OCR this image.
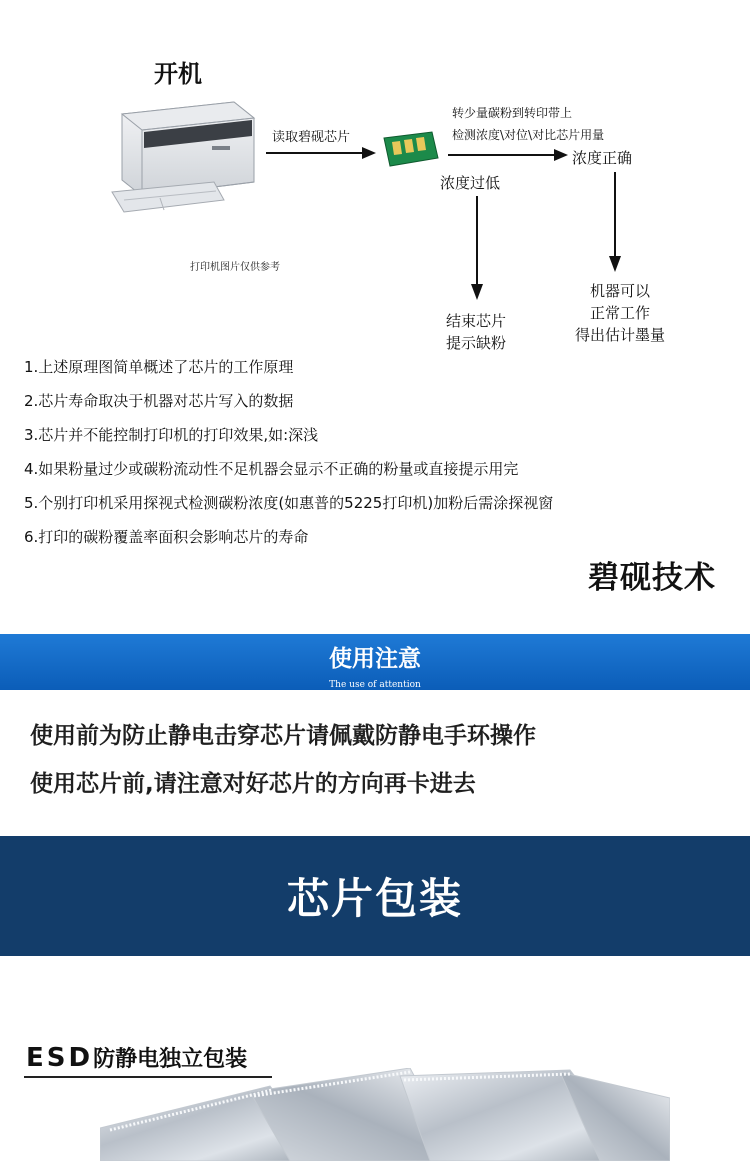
开机
打印机图片仅供参考
读取碧砚芯片
转少量碳粉到转印带上
检测浓度\对位\对比芯片用量
浓度正确
浓度过低
结束芯片
提示缺粉
机器可以
正常工作
得出估计墨量
1.上述原理图简单概述了芯片的工作原理
2.芯片寿命取决于机器对芯片写入的数据
3.芯片并不能控制打印机的打印效果,如:深浅
4.如果粉量过少或碳粉流动性不足机器会显示不正确的粉量或直接提示用完
5.个别打印机采用探视式检测碳粉浓度(如惠普的5225打印机)加粉后需涂探视窗
6.打印的碳粉覆盖率面积会影响芯片的寿命
碧砚技术
使用注意
The use of attention
使用前为防止静电击穿芯片请佩戴防静电手环操作
使用芯片前,请注意对好芯片的方向再卡进去
芯片包装
ESD防静电独立包装
